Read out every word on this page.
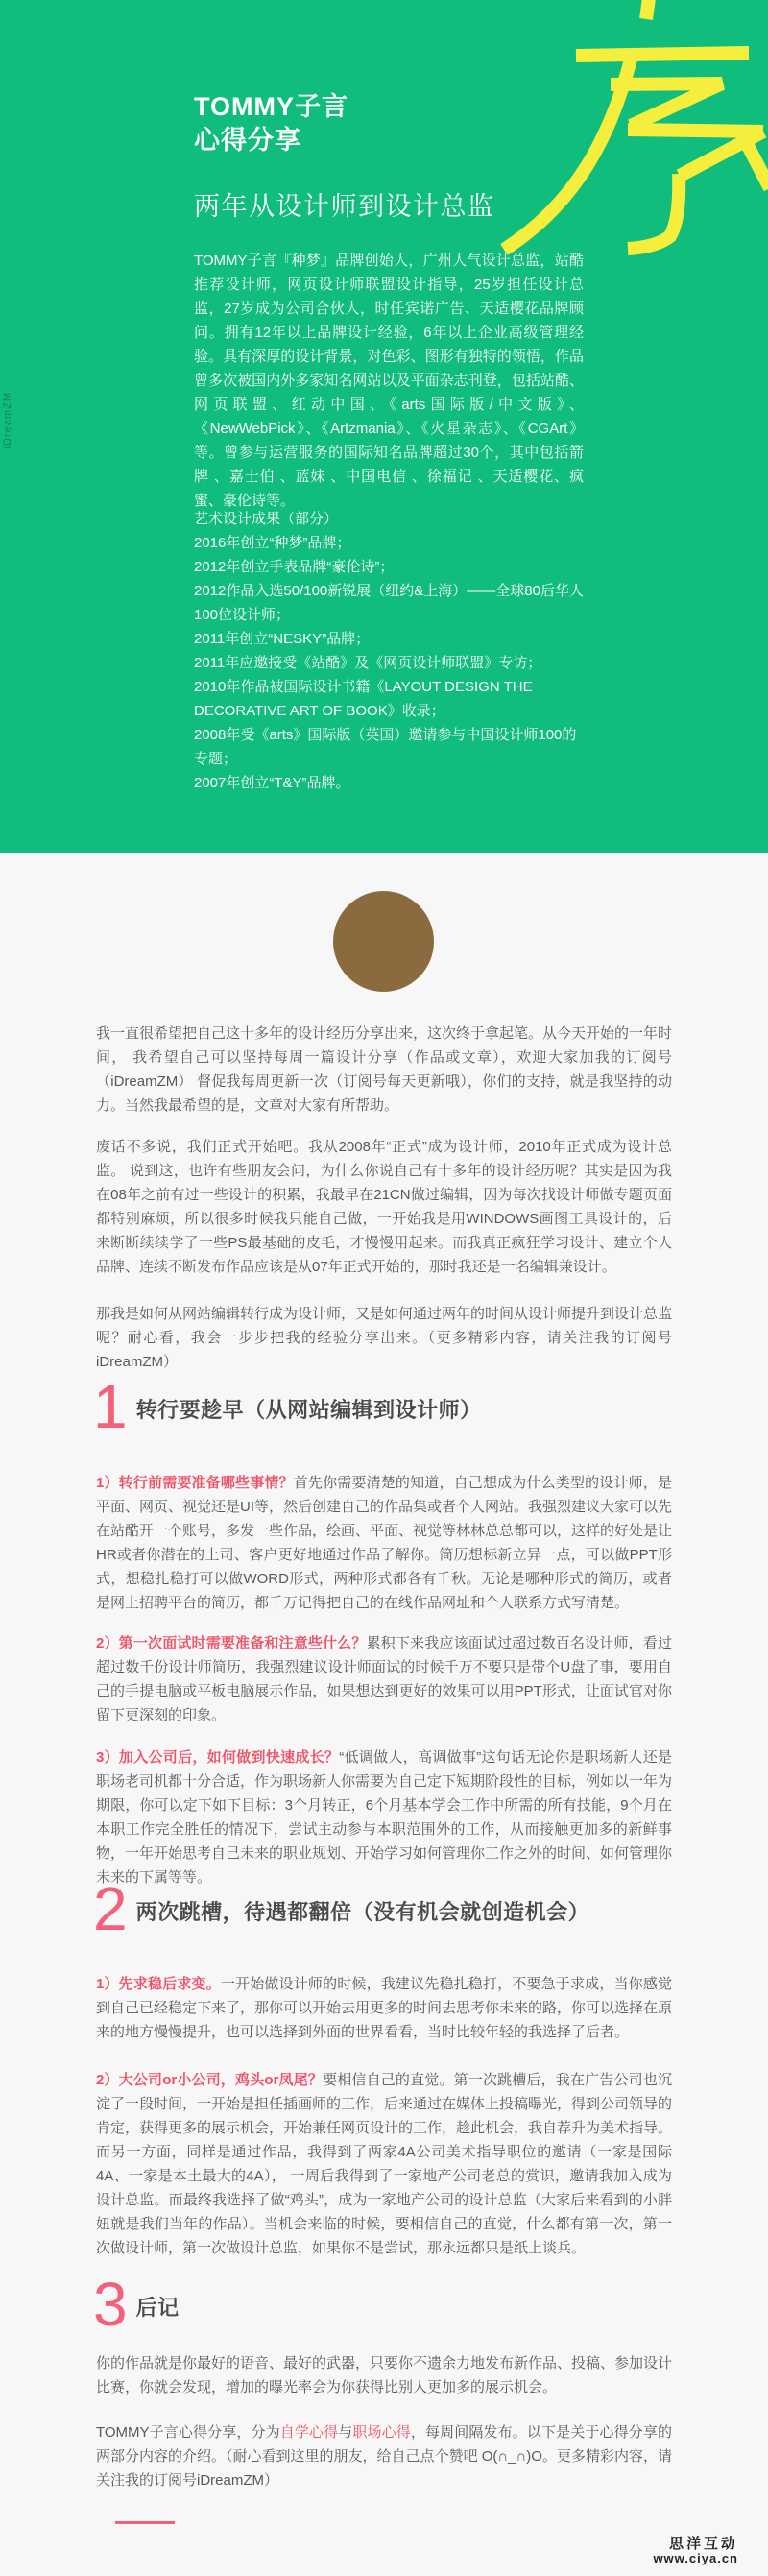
iDreamZM
TOMMY子言
心得分享
两年从设计师到设计总监
TOMMY子言『种梦』品牌创始人，广州人气设计总监，站酷推荐设计师，网页设计师联盟设计指导，25岁担任设计总监，27岁成为公司合伙人，时任宾诺广告、天适樱花品牌顾问。拥有12年以上品牌设计经验，6年以上企业高级管理经验。具有深厚的设计背景，对色彩、图形有独特的领悟，作品曾多次被国内外多家知名网站以及平面杂志刊登，包括站酷、网页联盟、红动中国、《arts国际版/中文版》、《NewWebPick》、《Artzmania》、《火星杂志》、《CGArt》等。曾参与运营服务的国际知名品牌超过30个，其中包括箭牌 、嘉士伯 、蓝妹 、中国电信 、徐福记 、天适樱花、疯蜜、豪伦诗等。
艺术设计成果（部分）
2016年创立“种梦”品牌；
2012年创立手表品牌“豪伦诗”；
2012作品入选50/100新锐展（纽约&上海）——全球80后华人100位设计师；
2011年创立“NESKY”品牌；
2011年应邀接受《站酷》及《网页设计师联盟》专访；
2010年作品被国际设计书籍《LAYOUT DESIGN THE DECORATIVE ART OF BOOK》收录；
2008年受《arts》国际版（英国）邀请参与中国设计师100的专题；
2007年创立“T&Y”品牌。
我一直很希望把自己这十多年的设计经历分享出来，这次终于拿起笔。从今天开始的一年时间， 我希望自己可以坚持每周一篇设计分享（作品或文章），欢迎大家加我的订阅号（iDreamZM） 督促我每周更新一次（订阅号每天更新哦），你们的支持，就是我坚持的动力。当然我最希望的是，文章对大家有所帮助。
废话不多说，我们正式开始吧。我从2008年“正式”成为设计师，2010年正式成为设计总监。 说到这，也许有些朋友会问，为什么你说自己有十多年的设计经历呢？其实是因为我在08年之前有过一些设计的积累，我最早在21CN做过编辑，因为每次找设计师做专题页面都特别麻烦，所以很多时候我只能自己做，一开始我是用WINDOWS画图工具设计的，后来断断续续学了一些PS最基础的皮毛，才慢慢用起来。而我真正疯狂学习设计、建立个人品牌、连续不断发布作品应该是从07年正式开始的，那时我还是一名编辑兼设计。
那我是如何从网站编辑转行成为设计师，又是如何通过两年的时间从设计师提升到设计总监呢？耐心看，我会一步步把我的经验分享出来。（更多精彩内容，请关注我的订阅号iDreamZM）
1 转行要趁早（从网站编辑到设计师）

1）转行前需要准备哪些事情？首先你需要清楚的知道，自己想成为什么类型的设计师，是平面、网页、视觉还是UI等，然后创建自己的作品集或者个人网站。我强烈建议大家可以先在站酷开一个账号，多发一些作品，绘画、平面、视觉等林林总总都可以，这样的好处是让HR或者你潜在的上司、客户更好地通过作品了解你。简历想标新立异一点，可以做PPT形式，想稳扎稳打可以做WORD形式，两种形式都各有千秋。无论是哪种形式的简历，或者是网上招聘平台的简历，都千万记得把自己的在线作品网址和个人联系方式写清楚。

2）第一次面试时需要准备和注意些什么？累积下来我应该面试过超过数百名设计师，看过超过数千份设计师简历，我强烈建议设计师面试的时候千万不要只是带个U盘了事，要用自己的手提电脑或平板电脑展示作品，如果想达到更好的效果可以用PPT形式，让面试官对你留下更深刻的印象。

3）加入公司后，如何做到快速成长？“低调做人，高调做事”这句话无论你是职场新人还是职场老司机都十分合适，作为职场新人你需要为自己定下短期阶段性的目标，例如以一年为期限，你可以定下如下目标：3个月转正，6个月基本学会工作中所需的所有技能，9个月在本职工作完全胜任的情况下，尝试主动参与本职范围外的工作，从而接触更加多的新鲜事物，一年开始思考自己未来的职业规划、开始学习如何管理你工作之外的时间、如何管理你未来的下属等等。

2 两次跳槽，待遇都翻倍（没有机会就创造机会）

1）先求稳后求变。一开始做设计师的时候，我建议先稳扎稳打，不要急于求成，当你感觉到自己已经稳定下来了，那你可以开始去用更多的时间去思考你未来的路，你可以选择在原来的地方慢慢提升，也可以选择到外面的世界看看，当时比较年轻的我选择了后者。

2）大公司or小公司，鸡头or凤尾？要相信自己的直觉。第一次跳槽后，我在广告公司也沉淀了一段时间，一开始是担任插画师的工作，后来通过在媒体上投稿曝光，得到公司领导的肯定，获得更多的展示机会，开始兼任网页设计的工作，趁此机会，我自荐升为美术指导。而另一方面，同样是通过作品，我得到了两家4A公司美术指导职位的邀请（一家是国际4A、一家是本土最大的4A）， 一周后我得到了一家地产公司老总的赏识，邀请我加入成为设计总监。而最终我选择了做“鸡头”，成为一家地产公司的设计总监（大家后来看到的小胖妞就是我们当年的作品）。当机会来临的时候，要相信自己的直觉，什么都有第一次，第一次做设计师，第一次做设计总监，如果你不是尝试，那永远都只是纸上谈兵。

3 后记
你的作品就是你最好的语音、最好的武器，只要你不遗余力地发布新作品、投稿、参加设计比赛，你就会发现，增加的曝光率会为你获得比别人更加多的展示机会。
TOMMY子言心得分享，分为自学心得与职场心得，每周间隔发布。以下是关于心得分享的两部分内容的介绍。（耐心看到这里的朋友，给自己点个赞吧 O(∩_∩)O。更多精彩内容，请关注我的订阅号iDreamZM）
思洋互动
www.ciya.cn
